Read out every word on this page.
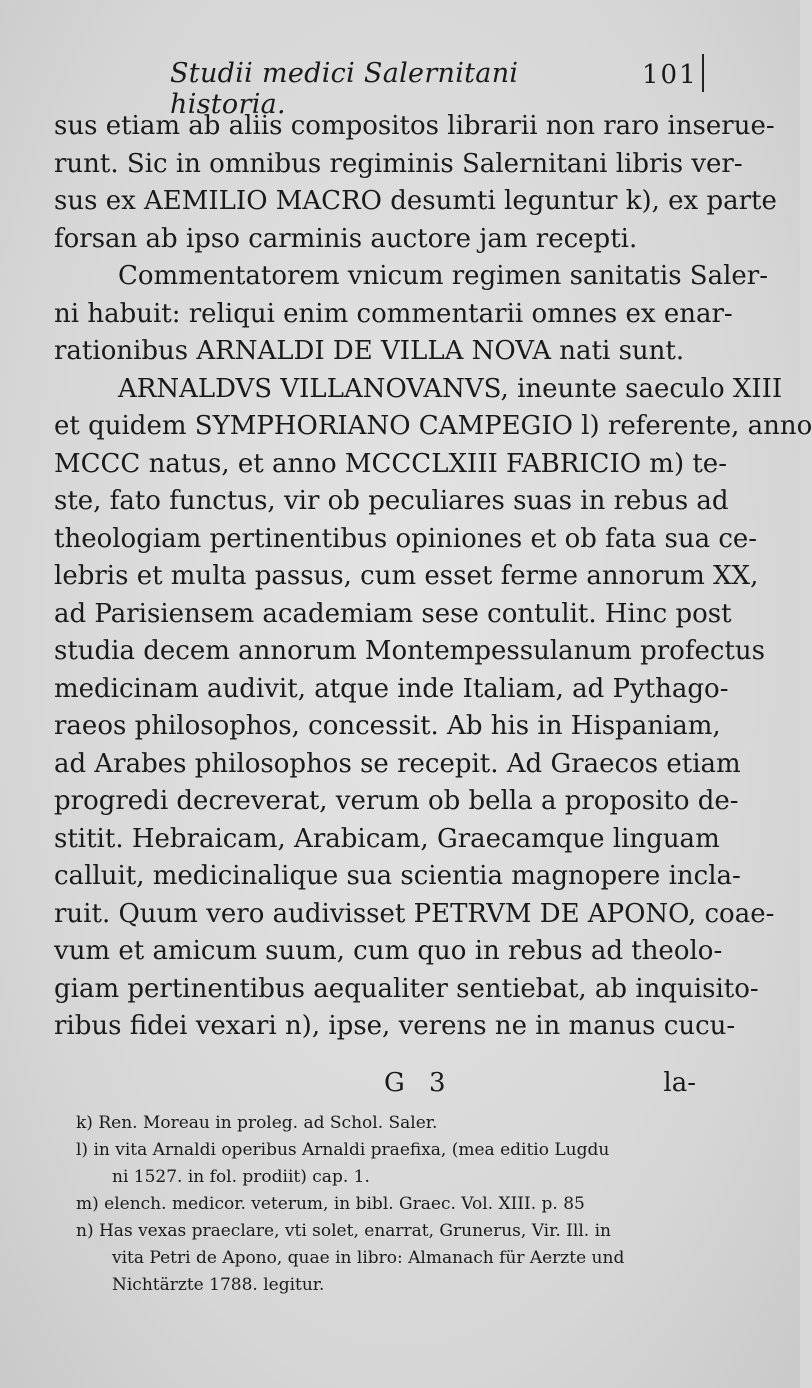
Studii medici Salernitani historia.
101
sus etiam ab aliis compositos librarii non raro inserue-
runt. Sic in omnibus regiminis Salernitani libris ver-
sus ex AEMILIO MACRO desumti leguntur k), ex parte
forsan ab ipso carminis auctore jam recepti.
Commentatorem vnicum regimen sanitatis Saler-
ni habuit: reliqui enim commentarii omnes ex enar-
rationibus ARNALDI DE VILLA NOVA nati sunt.
ARNALDVS VILLANOVANVS, ineunte saeculo XIII
et quidem SYMPHORIANO CAMPEGIO l) referente, anno
MCCC natus, et anno MCCCLXIII FABRICIO m) te-
ste, fato functus, vir ob peculiares suas in rebus ad
theologiam pertinentibus opiniones et ob fata sua ce-
lebris et multa passus, cum esset ferme annorum XX,
ad Parisiensem academiam sese contulit. Hinc post
studia decem annorum Montempessulanum profectus
medicinam audivit, atque inde Italiam, ad Pythago-
raeos philosophos, concessit. Ab his in Hispaniam,
ad Arabes philosophos se recepit. Ad Graecos etiam
progredi decreverat, verum ob bella a proposito de-
stitit. Hebraicam, Arabicam, Graecamque linguam
calluit, medicinalique sua scientia magnopere incla-
ruit. Quum vero audivisset PETRVM DE APONO, coae-
vum et amicum suum, cum quo in rebus ad theolo-
giam pertinentibus aequaliter sentiebat, ab inquisito-
ribus fidei vexari n), ipse, verens ne in manus cucu-
G 3	la-
k) Ren. Moreau in proleg. ad Schol. Saler.
l) in vita Arnaldi operibus Arnaldi praefixa, (mea editio Lugdu
ni 1527. in fol. prodiit) cap. 1.
m) elench. medicor. veterum, in bibl. Graec. Vol. XIII. p. 85
n) Has vexas praeclare, vti solet, enarrat, Grunerus, Vir. Ill. in
vita Petri de Apono, quae in libro: Almanach für Aerzte und
Nichtärzte 1788. legitur.
